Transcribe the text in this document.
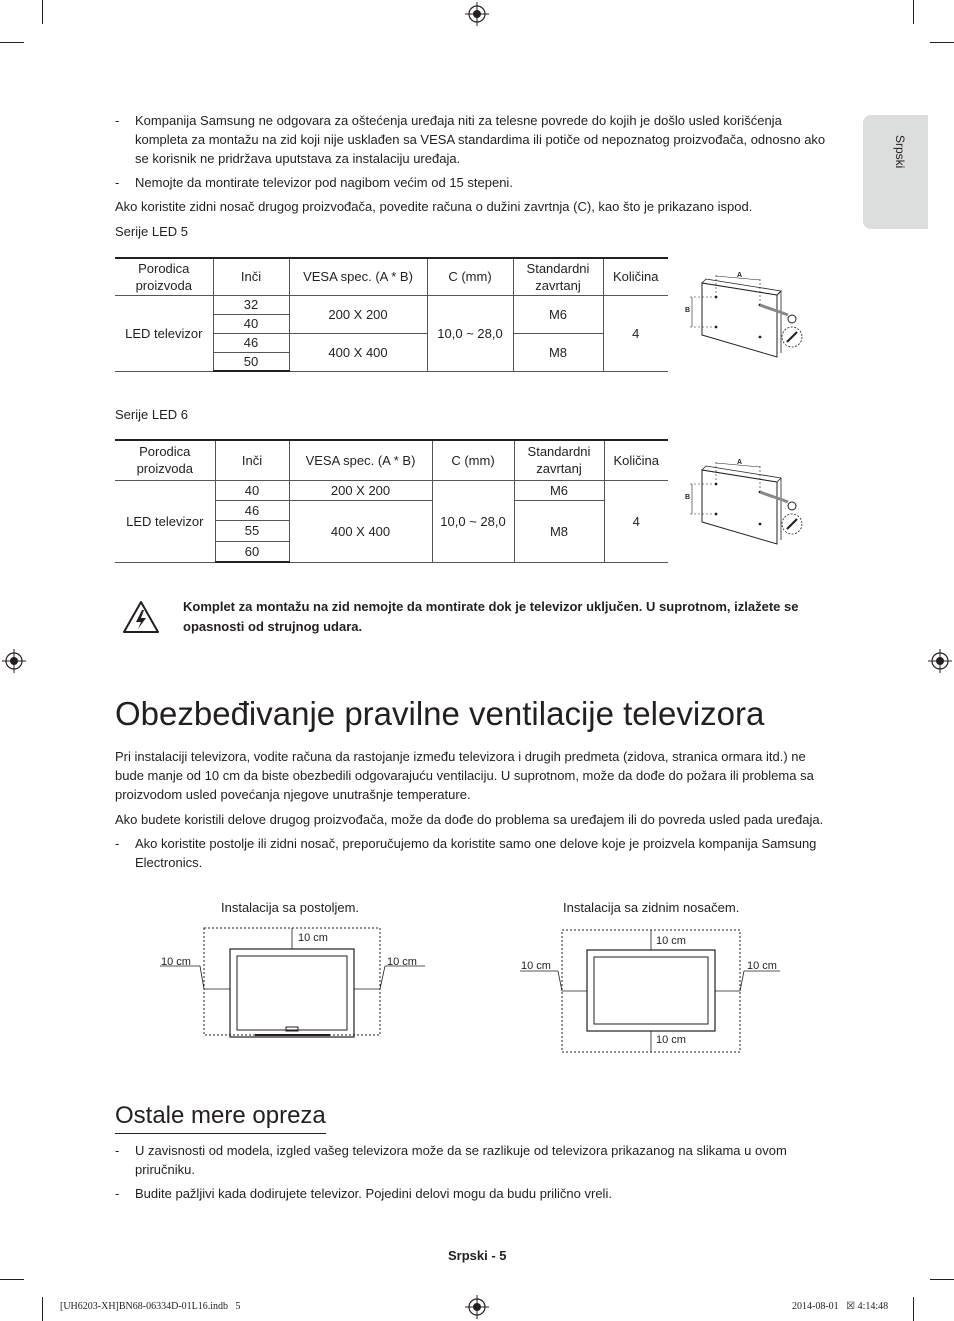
Srpski
- Kompanija Samsung ne odgovara za oštećenja uređaja niti za telesne povrede do kojih je došlo usled korišćenja kompleta za montažu na zid koji nije usklađen sa VESA standardima ili potiče od nepoznatog proizvođača, odnosno ako se korisnik ne pridržava uputstava za instalaciju uređaja.
- Nemojte da montirate televizor pod nagibom većim od 15 stepeni.
Ako koristite zidni nosač drugog proizvođača, povedite računa o dužini zavrtnja (C), kao što je prikazano ispod.
Serije LED 5
Porodica proizvoda	Inči	VESA spec. (A * B)	C (mm)	Standardni zavrtanj	Količina
LED televizor	32	200 X 200	10,0 ~ 28,0	M6	4
	40				
	46	400 X 400		M8	
	50				
A
B
Serije LED 6
Porodica proizvoda	Inči	VESA spec. (A * B)	C (mm)	Standardni zavrtanj	Količina
LED televizor	40	200 X 200	10,0 ~ 28,0	M6	4
	46	400 X 400		M8	
	55				
	60				
A
B
Komplet za montažu na zid nemojte da montirate dok je televizor uključen. U suprotnom, izlažete se opasnosti od strujnog udara.
Obezbeđivanje pravilne ventilacije televizora
Pri instalaciji televizora, vodite računa da rastojanje između televizora i drugih predmeta (zidova, stranica ormara itd.) ne bude manje od 10 cm da biste obezbedili odgovarajuću ventilaciju. U suprotnom, može da dođe do požara ili problema sa proizvodom usled povećanja njegove unutrašnje temperature.
Ako budete koristili delove drugog proizvođača, može da dođe do problema sa uređajem ili do povreda usled pada uređaja.
- Ako koristite postolje ili zidni nosač, preporučujemo da koristite samo one delove koje je proizvela kompanija Samsung Electronics.
Instalacija sa postoljem.
10 cm
10 cm	10 cm
Instalacija sa zidnim nosačem.
10 cm
10 cm	10 cm
10 cm
Ostale mere opreza
- U zavisnosti od modela, izgled vašeg televizora može da se razlikuje od televizora prikazanog na slikama u ovom priručniku.
- Budite pažljivi kada dodirujete televizor. Pojedini delovi mogu da budu prilično vreli.
Srpski - 5
[UH6203-XH]BN68-06334D-01L16.indb   5	2014-08-01   ☒ 4:14:48
